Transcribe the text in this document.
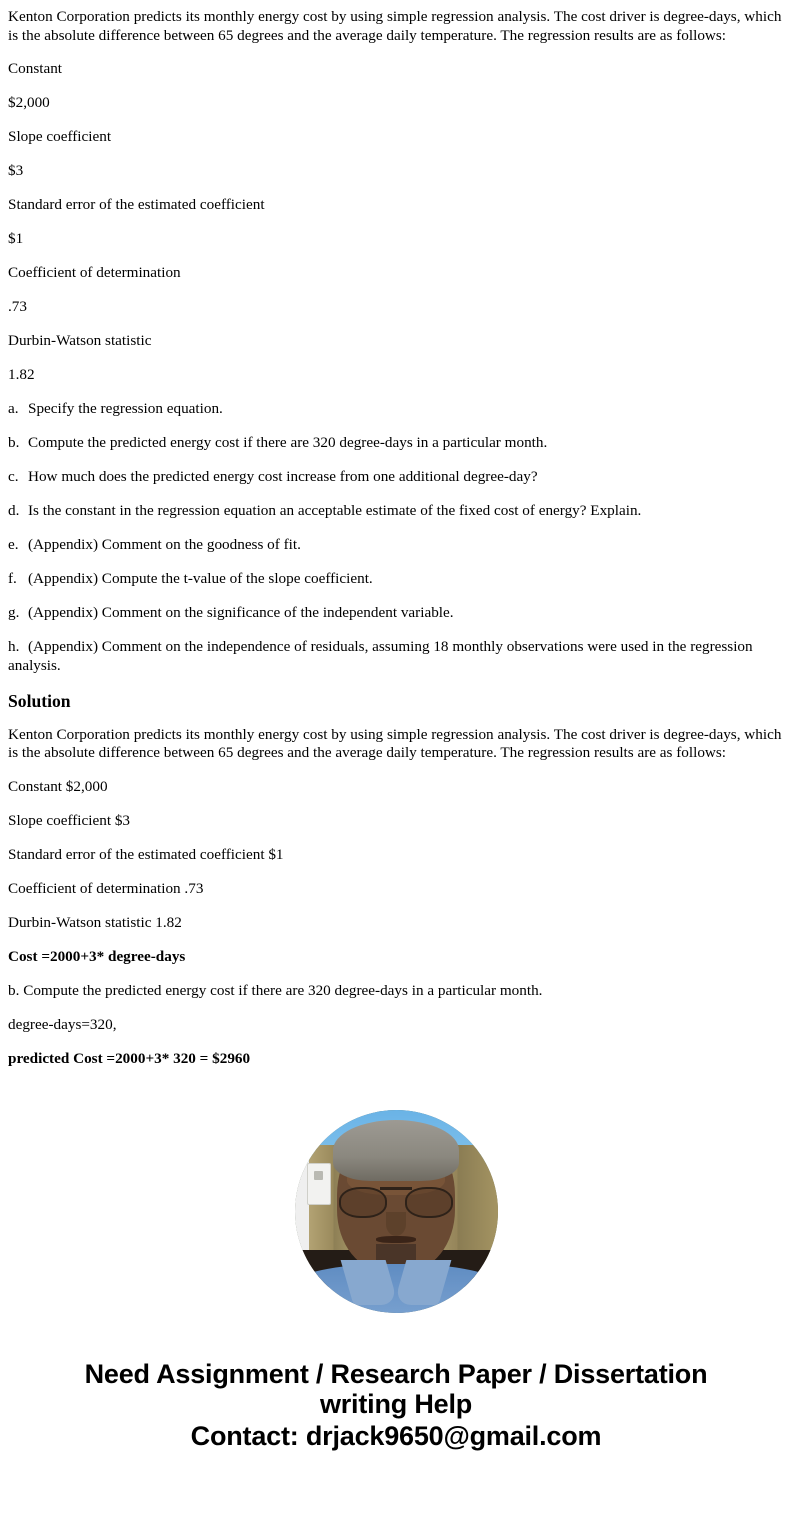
Kenton Corporation predicts its monthly energy cost by using simple regression analysis. The cost driver is degree-days, which is the absolute difference between 65 degrees and the average daily temperature. The regression results are as follows:

Constant
$2,000
Slope coefficient
$3
Standard error of the estimated coefficient
$1
Coefficient of determination
.73
Durbin-Watson statistic
1.82
a. Specify the regression equation.
b. Compute the predicted energy cost if there are 320 degree-days in a particular month.
c. How much does the predicted energy cost increase from one additional degree-day?
d. Is the constant in the regression equation an acceptable estimate of the fixed cost of energy? Explain.
e. (Appendix) Comment on the goodness of fit.
f. (Appendix) Compute the t-value of the slope coefficient.
g. (Appendix) Comment on the significance of the independent variable.
h. (Appendix) Comment on the independence of residuals, assuming 18 monthly observations were used in the regression analysis.
Solution

Kenton Corporation predicts its monthly energy cost by using simple regression analysis. The cost driver is degree-days, which is the absolute difference between 65 degrees and the average daily temperature. The regression results are as follows:

Constant $2,000
Slope coefficient $3
Standard error of the estimated coefficient $1
Coefficient of determination .73
Durbin-Watson statistic 1.82
Cost =2000+3* degree-days
b. Compute the predicted energy cost if there are 320 degree-days in a particular month.
degree-days=320,
predicted Cost =2000+3* 320 = $2960
Need Assignment / Research Paper / Dissertation
writing Help
Contact: drjack9650@gmail.com
